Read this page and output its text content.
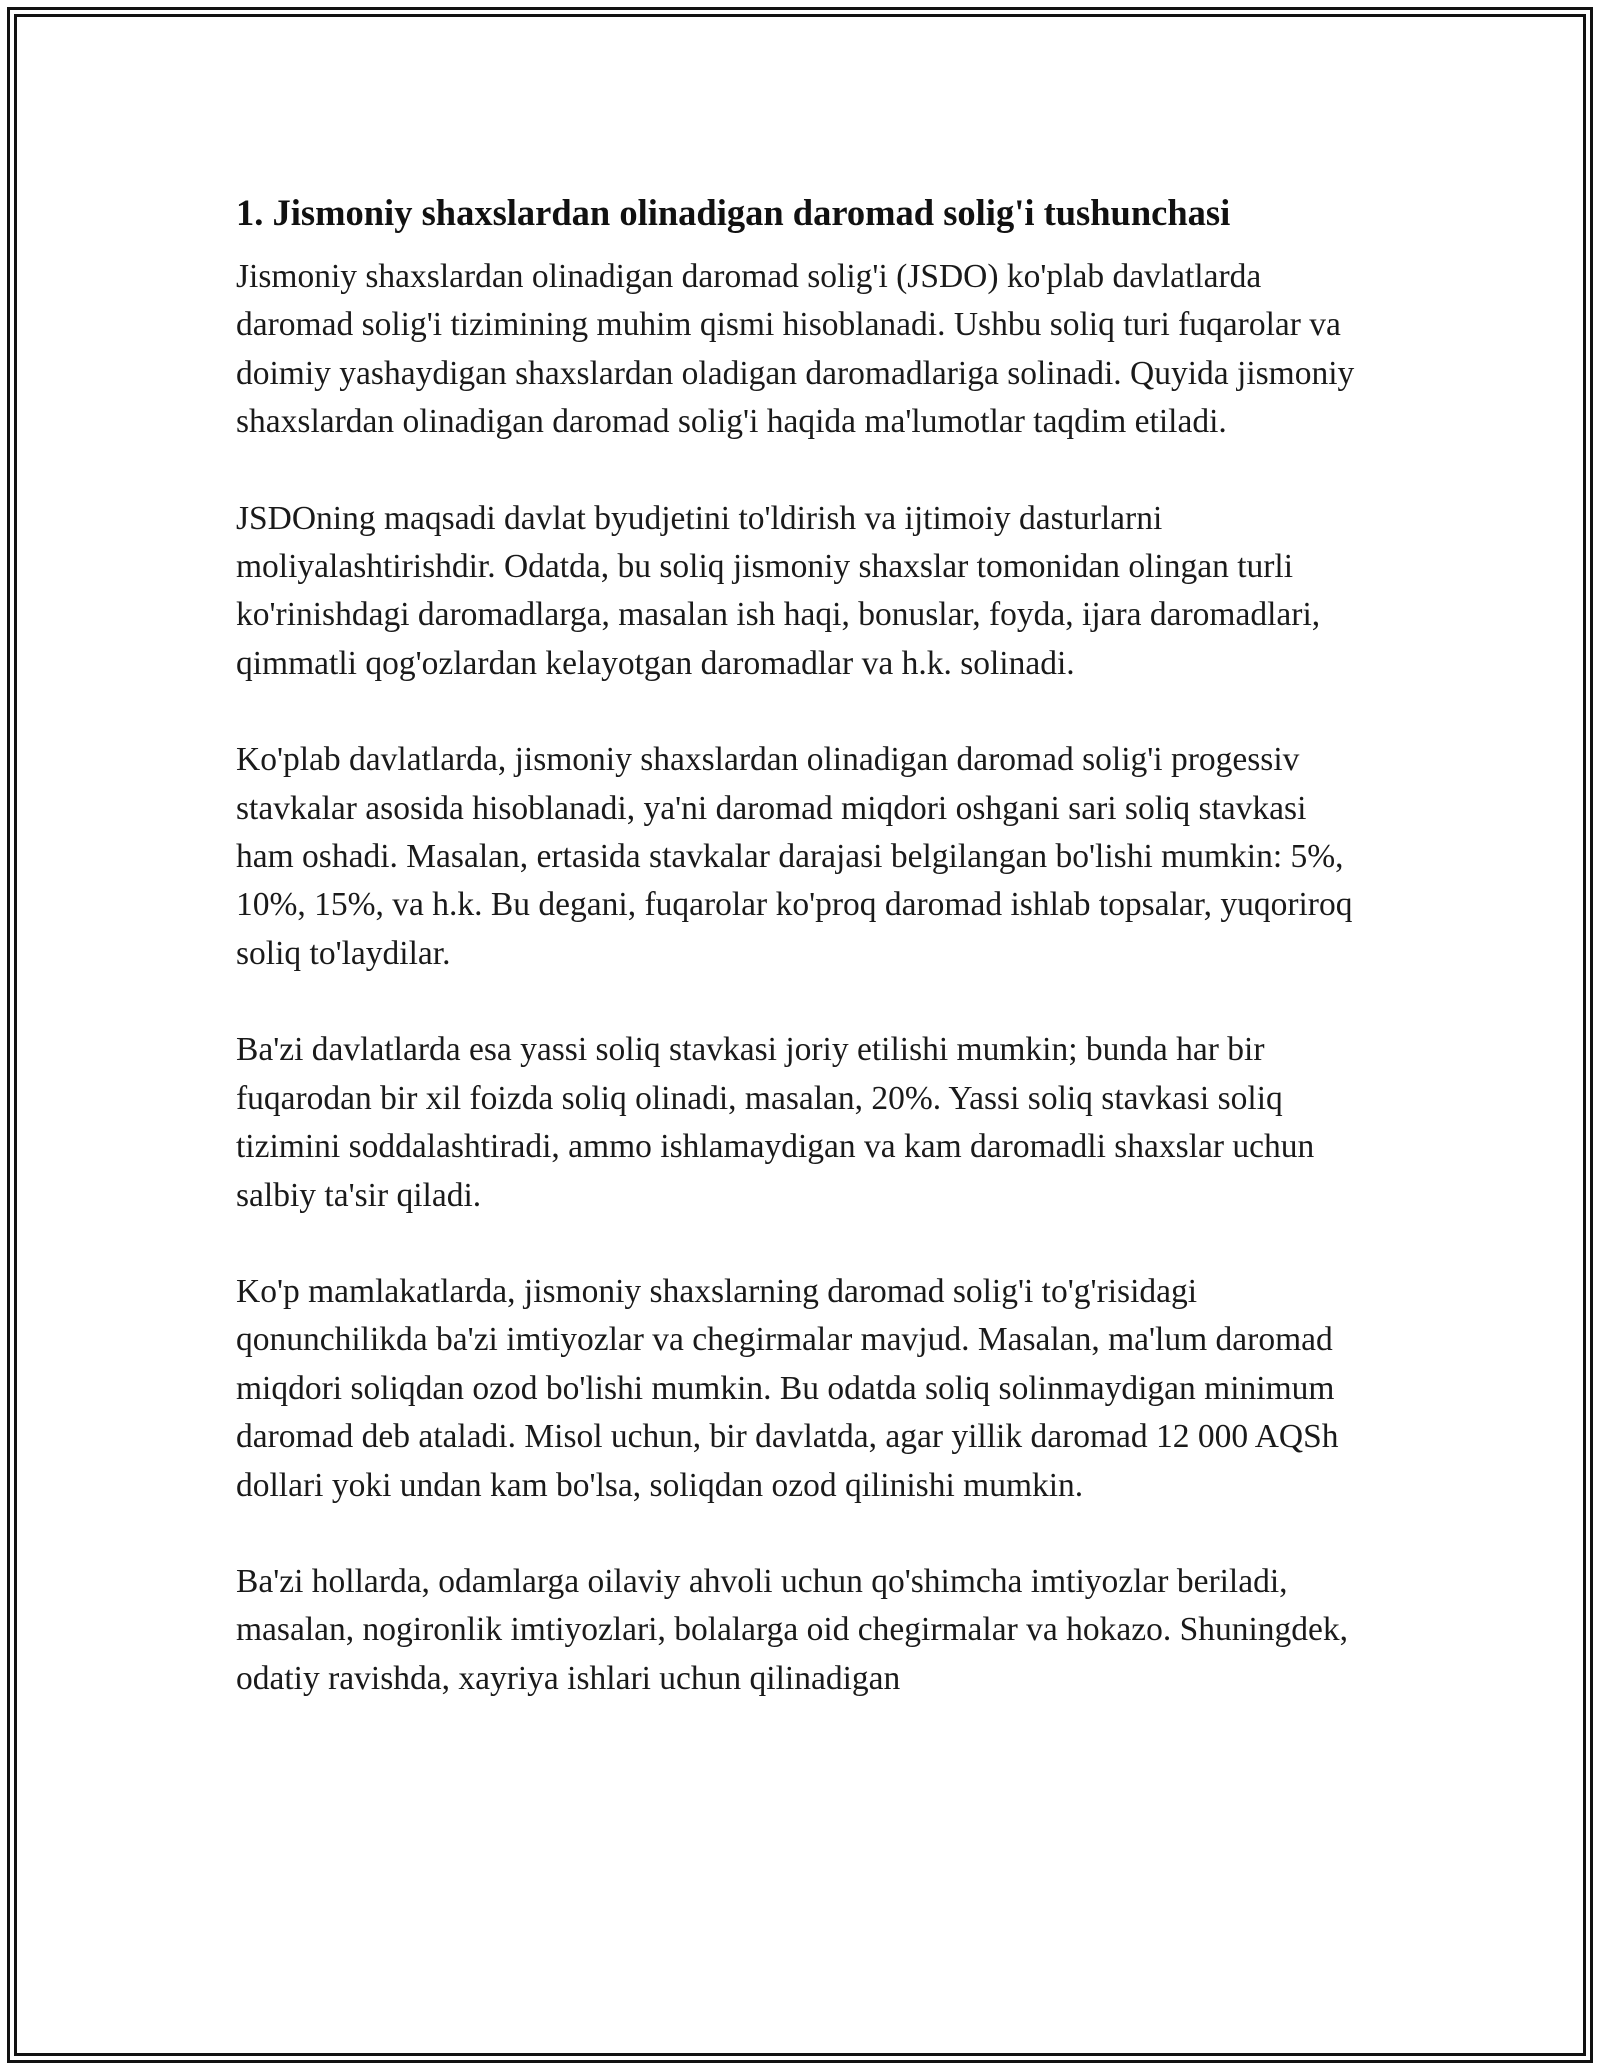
1. Jismoniy shaxslardan olinadigan daromad solig'i tushunchasi

Jismoniy shaxslardan olinadigan daromad solig'i (JSDO) ko'plab davlatlarda daromad solig'i tizimining muhim qismi hisoblanadi. Ushbu soliq turi fuqarolar va doimiy yashaydigan shaxslardan oladigan daromadlariga solinadi. Quyida jismoniy shaxslardan olinadigan daromad solig'i haqida ma'lumotlar taqdim etiladi.

JSDOning maqsadi davlat byudjetini to'ldirish va ijtimoiy dasturlarni moliyalashtirishdir. Odatda, bu soliq jismoniy shaxslar tomonidan olingan turli ko'rinishdagi daromadlarga, masalan ish haqi, bonuslar, foyda, ijara daromadlari, qimmatli qog'ozlardan kelayotgan daromadlar va h.k. solinadi.

Ko'plab davlatlarda, jismoniy shaxslardan olinadigan daromad solig'i progessiv stavkalar asosida hisoblanadi, ya'ni daromad miqdori oshgani sari soliq stavkasi ham oshadi. Masalan, ertasida stavkalar darajasi belgilangan bo'lishi mumkin: 5%, 10%, 15%, va h.k. Bu degani, fuqarolar ko'proq daromad ishlab topsalar, yuqoriroq soliq to'laydilar.

Ba'zi davlatlarda esa yassi soliq stavkasi joriy etilishi mumkin; bunda har bir fuqarodan bir xil foizda soliq olinadi, masalan, 20%. Yassi soliq stavkasi soliq tizimini soddalashtiradi, ammo ishlamaydigan va kam daromadli shaxslar uchun salbiy ta'sir qiladi.

Ko'p mamlakatlarda, jismoniy shaxslarning daromad solig'i to'g'risidagi qonunchilikda ba'zi imtiyozlar va chegirmalar mavjud. Masalan, ma'lum daromad miqdori soliqdan ozod bo'lishi mumkin. Bu odatda soliq solinmaydigan minimum daromad deb ataladi. Misol uchun, bir davlatda, agar yillik daromad 12 000 AQSh dollari yoki undan kam bo'lsa, soliqdan ozod qilinishi mumkin.

Ba'zi hollarda, odamlarga oilaviy ahvoli uchun qo'shimcha imtiyozlar beriladi, masalan, nogironlik imtiyozlari, bolalarga oid chegirmalar va hokazo. Shuningdek, odatiy ravishda, xayriya ishlari uchun qilinadigan
